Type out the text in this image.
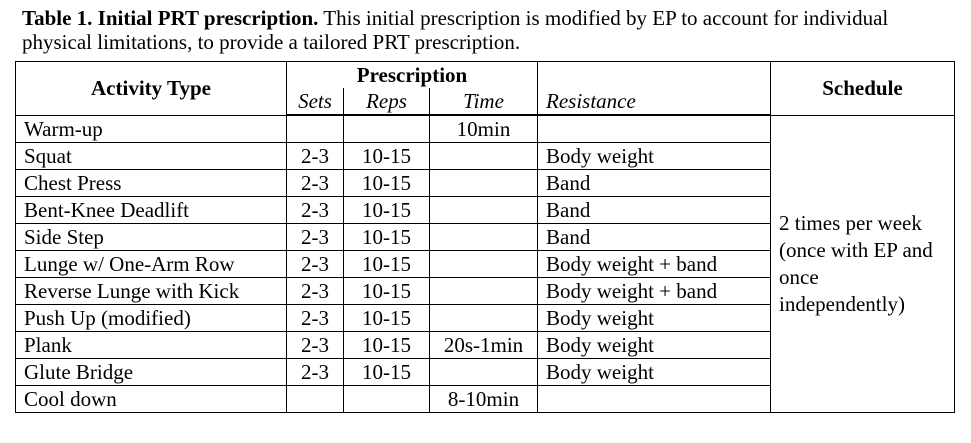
Table 1. Initial PRT prescription. This initial prescription is modified by EP to account for individual physical limitations, to provide a tailored PRT prescription.
Activity Type	Prescription				Schedule
	Sets	Reps	Time	Resistance	
Warm-up			10min		2 times per week (once with EP and once independently)
Squat	2-3	10-15		Body weight	
Chest Press	2-3	10-15		Band	
Bent-Knee Deadlift	2-3	10-15		Band	
Side Step	2-3	10-15		Band	
Lunge w/ One-Arm Row	2-3	10-15		Body weight + band	
Reverse Lunge with Kick	2-3	10-15		Body weight + band	
Push Up (modified)	2-3	10-15		Body weight	
Plank	2-3	10-15	20s-1min	Body weight	
Glute Bridge	2-3	10-15		Body weight	
Cool down			8-10min		
